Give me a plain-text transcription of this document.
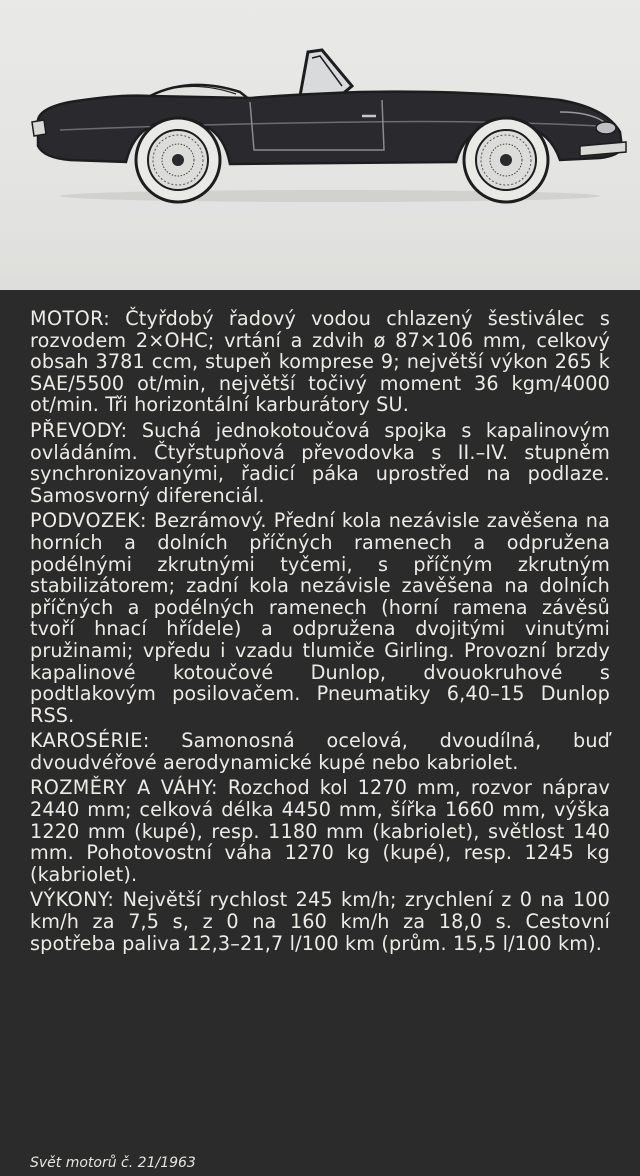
MOTOR: Čtyřdobý řadový vodou chlazený šestiválec s rozvodem 2×OHC; vrtání a zdvih ø 87×106 mm, celkový obsah 3781 ccm, stupeň komprese 9; největší výkon 265 k SAE/5500 ot/min, největší točivý moment 36 kgm/4000 ot/min. Tři horizontální karburátory SU.

PŘEVODY: Suchá jednokotoučová spojka s kapalinovým ovládáním. Čtyřstupňová převodovka s II.–IV. stupněm synchronizovanými, řadicí páka uprostřed na podlaze. Samosvorný diferenciál.

PODVOZEK: Bezrámový. Přední kola nezávisle zavěšena na horních a dolních příčných ramenech a odpružena podélnými zkrutnými tyčemi, s příčným zkrutným stabilizátorem; zadní kola nezávisle zavěšena na dolních příčných a podélných ramenech (horní ramena závěsů tvoří hnací hřídele) a odpružena dvojitými vinutými pružinami; vpředu i vzadu tlumiče Girling. Provozní brzdy kapalinové kotoučové Dunlop, dvouokruhové s podtlakovým posilovačem. Pneumatiky 6,40–15 Dunlop RSS.

KAROSÉRIE: Samonosná ocelová, dvoudílná, buď dvoudvéřové aerodynamické kupé nebo kabriolet.

ROZMĚRY A VÁHY: Rozchod kol 1270 mm, rozvor náprav 2440 mm; celková délka 4450 mm, šířka 1660 mm, výška 1220 mm (kupé), resp. 1180 mm (kabriolet), světlost 140 mm. Pohotovostní váha 1270 kg (kupé), resp. 1245 kg (kabriolet).

VÝKONY: Největší rychlost 245 km/h; zrychlení z 0 na 100 km/h za 7,5 s, z 0 na 160 km/h za 18,0 s. Cestovní spotřeba paliva 12,3–21,7 l/100 km (prům. 15,5 l/100 km).

Svět motorů č. 21/1963
